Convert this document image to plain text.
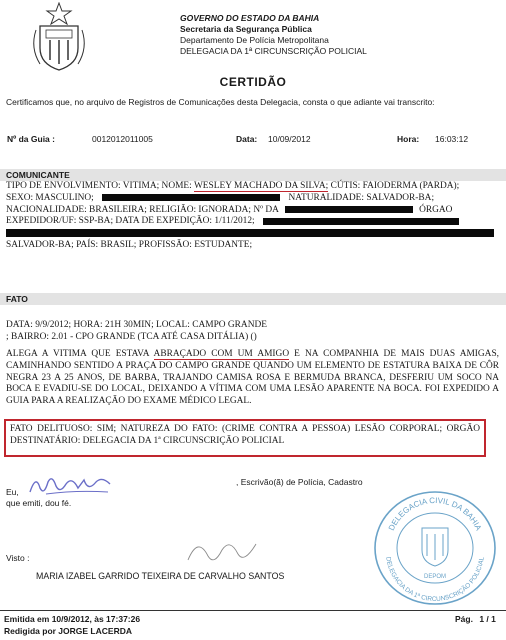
GOVERNO DO ESTADO DA BAHIA
Secretaria da Segurança Pública
Departamento De Polícia Metropolitana
DELEGACIA DA 1ª CIRCUNSCRIÇÃO POLICIAL
CERTIDÃO
Certificamos que, no arquivo de Registros de Comunicações desta Delegacia, consta o que adiante vai transcrito:
Nº da Guia :	0012012011005	Data: 10/09/2012	Hora: 16:03:12
COMUNICANTE
TIPO DE ENVOLVIMENTO: VITIMA; NOME: WESLEY MACHADO DA SILVA; CÚTIS: FAIODERMA (PARDA);
SEXO: MASCULINO;	NATURALIDADE: SALVADOR-BA;
NACIONALIDADE: BRASILEIRA; RELIGIÃO: IGNORADA; Nº DA	ÓRGAO
EXPEDIDOR/UF: SSP-BA; DATA DE EXPEDIÇÃO: 1/11/2012;
SALVADOR-BA; PAÍS: BRASIL; PROFISSÃO: ESTUDANTE;
FATO
DATA: 9/9/2012; HORA: 21H 30MIN; LOCAL: CAMPO GRANDE
; BAIRRO: 2.01 - CPO GRANDE (TCA ATÉ CASA DITÁLIA) ()
ALEGA A VITIMA QUE ESTAVA ABRAÇADO COM UM AMIGO E NA COMPANHIA DE MAIS DUAS AMIGAS, CAMINHANDO SENTIDO A PRAÇA DO CAMPO GRANDE QUANDO UM ELEMENTO DE ESTATURA BAIXA DE CÔR NEGRA 23 A 25 ANOS, DE BARBA, TRAJANDO CAMISA ROSA E BERMUDA BRANCA, DESFERIU UM SOCO NA BOCA E EVADIU-SE DO LOCAL, DEIXANDO A VÍTIMA COM UMA LESÃO APARENTE NA BOCA. FOI EXPEDIDO A GUIA PARA A REALIZAÇÃO DO EXAME MÉDICO LEGAL.
FATO DELITUOSO: SIM; NATUREZA DO FATO: (CRIME CONTRA A PESSOA) LESÃO CORPORAL; ORGÃO DESTINATÁRIO: DELEGACIA DA 1ª CIRCUNSCRIÇÃO POLICIAL
, Escrivão(ã) de Polícia, Cadastro
Eu,
que emiti, dou fé.
Visto :
MARIA IZABEL GARRIDO TEIXEIRA DE CARVALHO SANTOS
DELEGACIA CIVIL DA BAHIA
DELEGACIA DA 1ª CIRCUNSCRIÇÃO POLICIAL
DEPOM
Emitida em 10/9/2012, às 17:37:26
Redigida por JORGE LACERDA
Pág. 1 / 1
